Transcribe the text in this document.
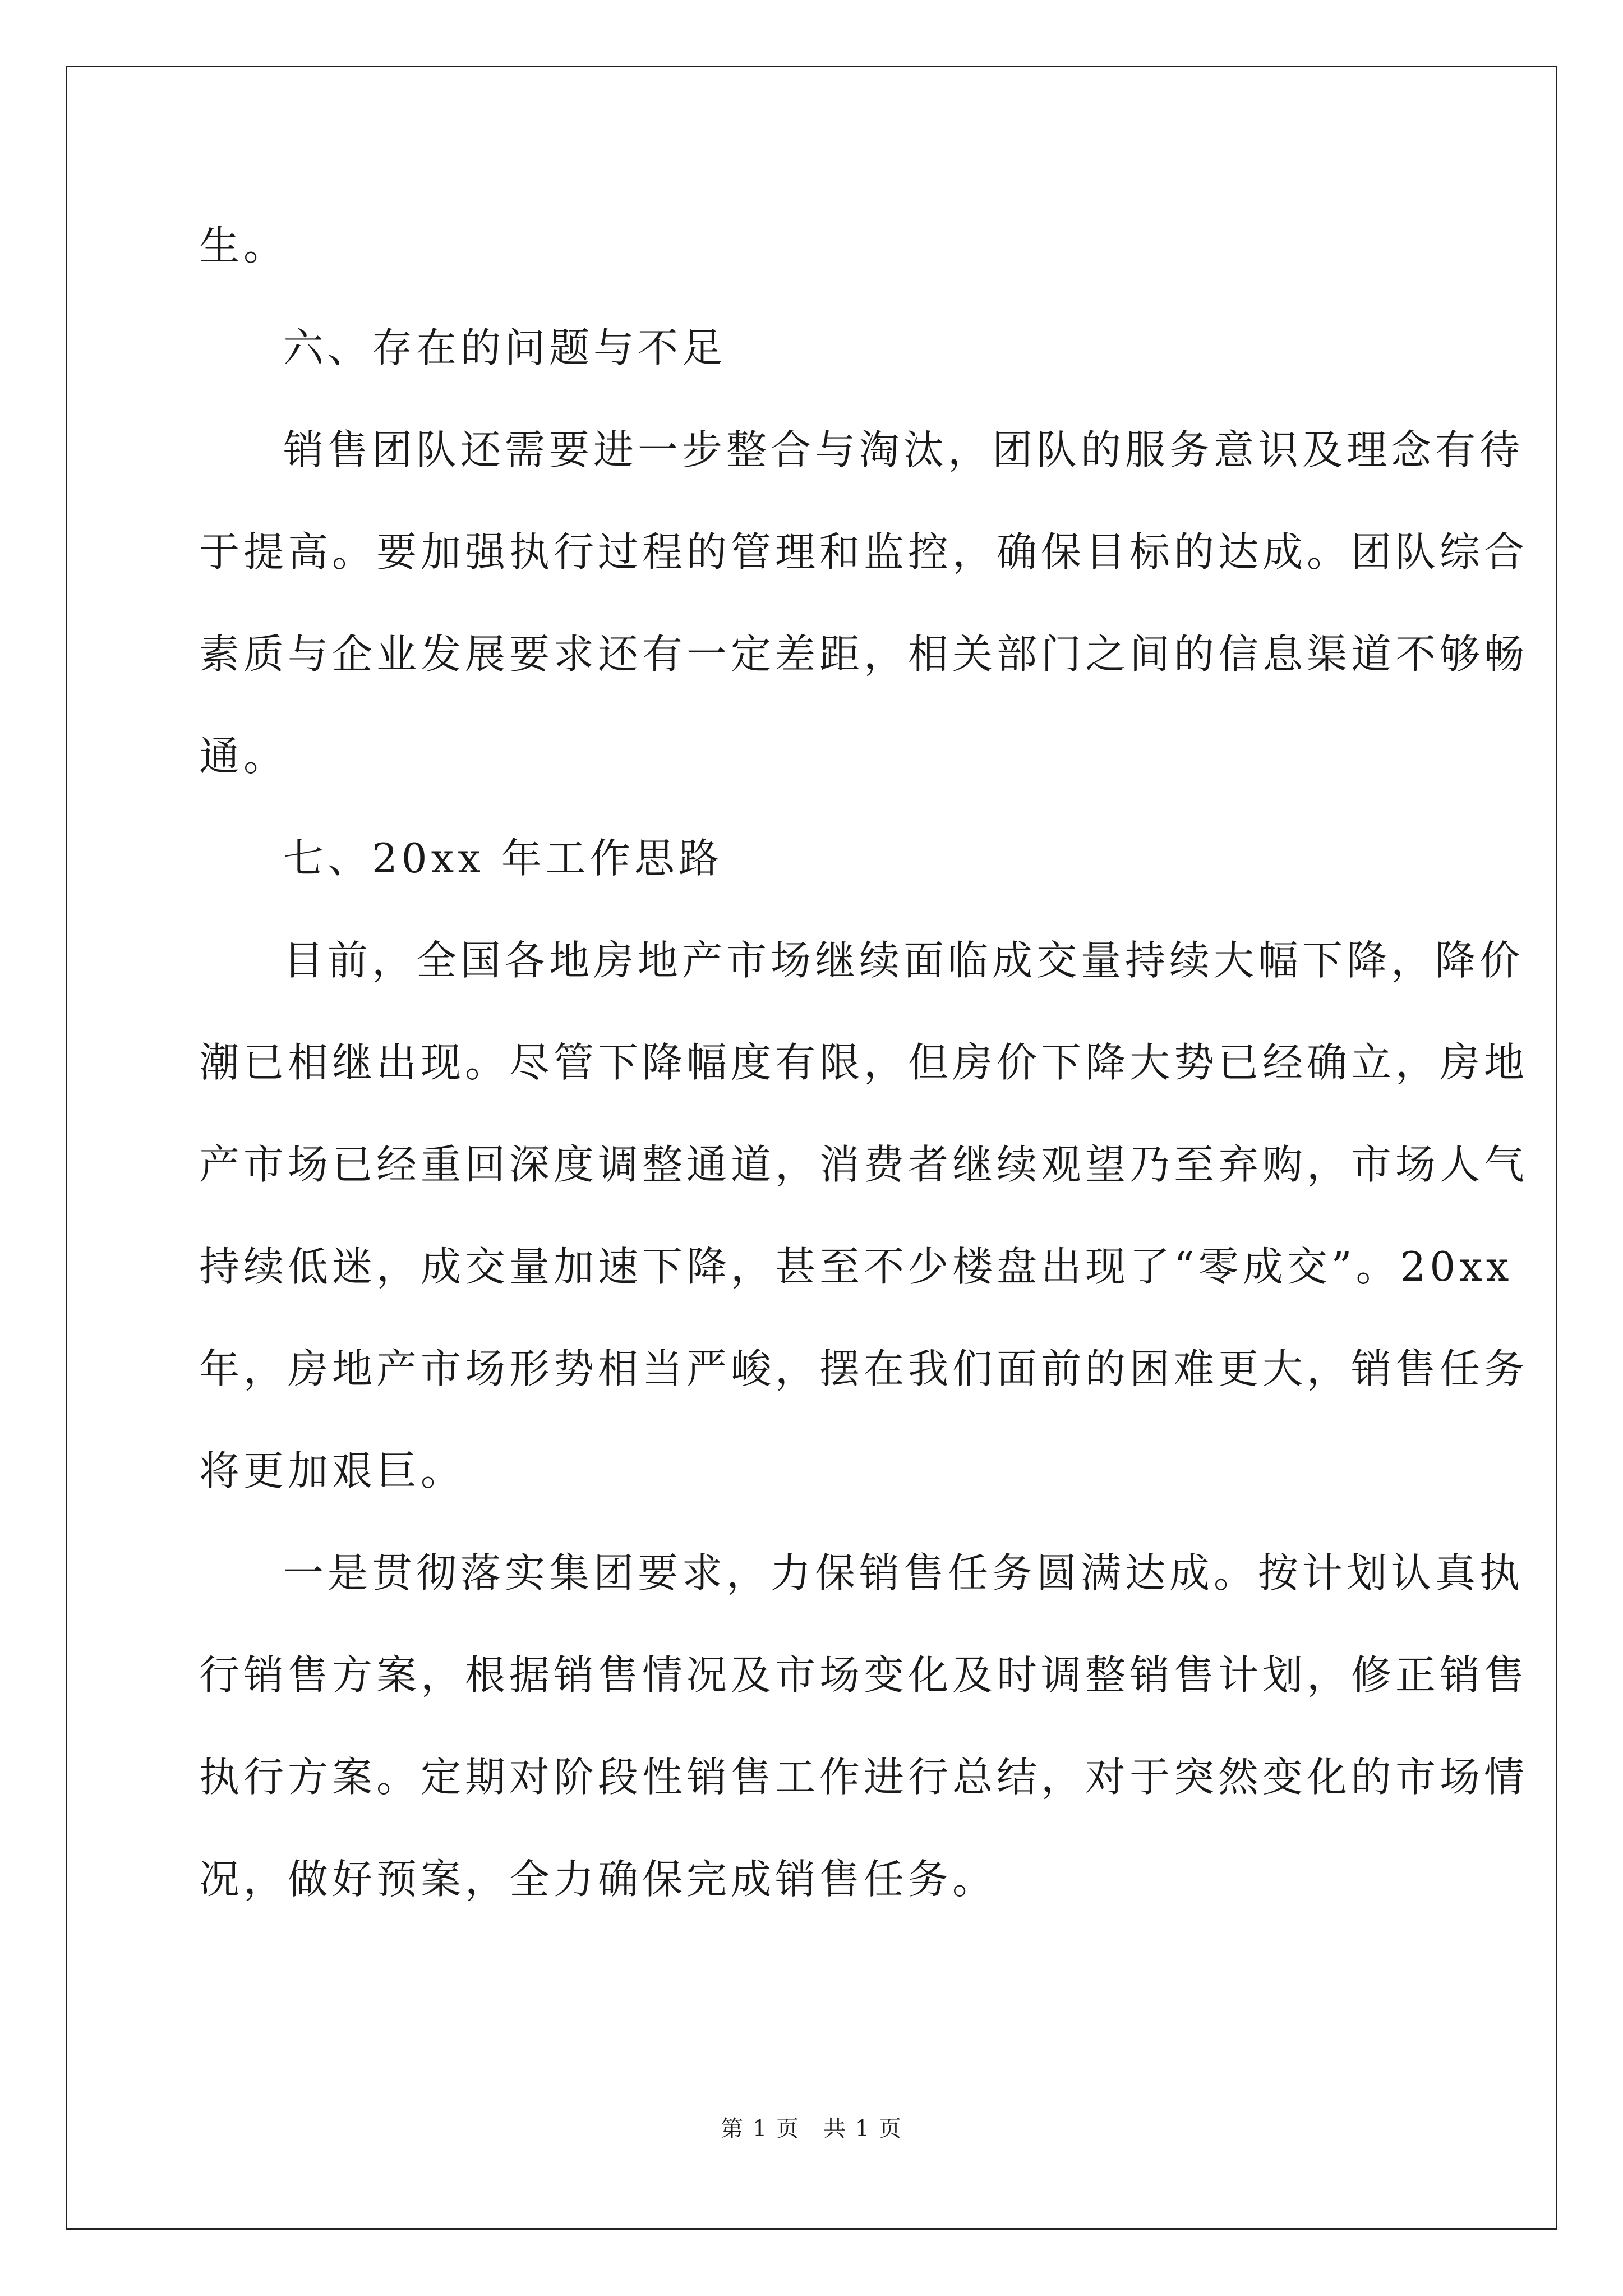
生。
六、存在的问题与不足
销售团队还需要进一步整合与淘汰，团队的服务意识及理念有待
于提高。要加强执行过程的管理和监控，确保目标的达成。团队综合
素质与企业发展要求还有一定差距，相关部门之间的信息渠道不够畅
通。
七、20xx 年工作思路
目前，全国各地房地产市场继续面临成交量持续大幅下降，降价
潮已相继出现。尽管下降幅度有限，但房价下降大势已经确立，房地
产市场已经重回深度调整通道，消费者继续观望乃至弃购，市场人气
持续低迷，成交量加速下降，甚至不少楼盘出现了“零成交”。20xx
年，房地产市场形势相当严峻，摆在我们面前的困难更大，销售任务
将更加艰巨。
一是贯彻落实集团要求，力保销售任务圆满达成。按计划认真执
行销售方案，根据销售情况及市场变化及时调整销售计划，修正销售
执行方案。定期对阶段性销售工作进行总结，对于突然变化的市场情
况，做好预案，全力确保完成销售任务。
第 1 页　共 1 页
